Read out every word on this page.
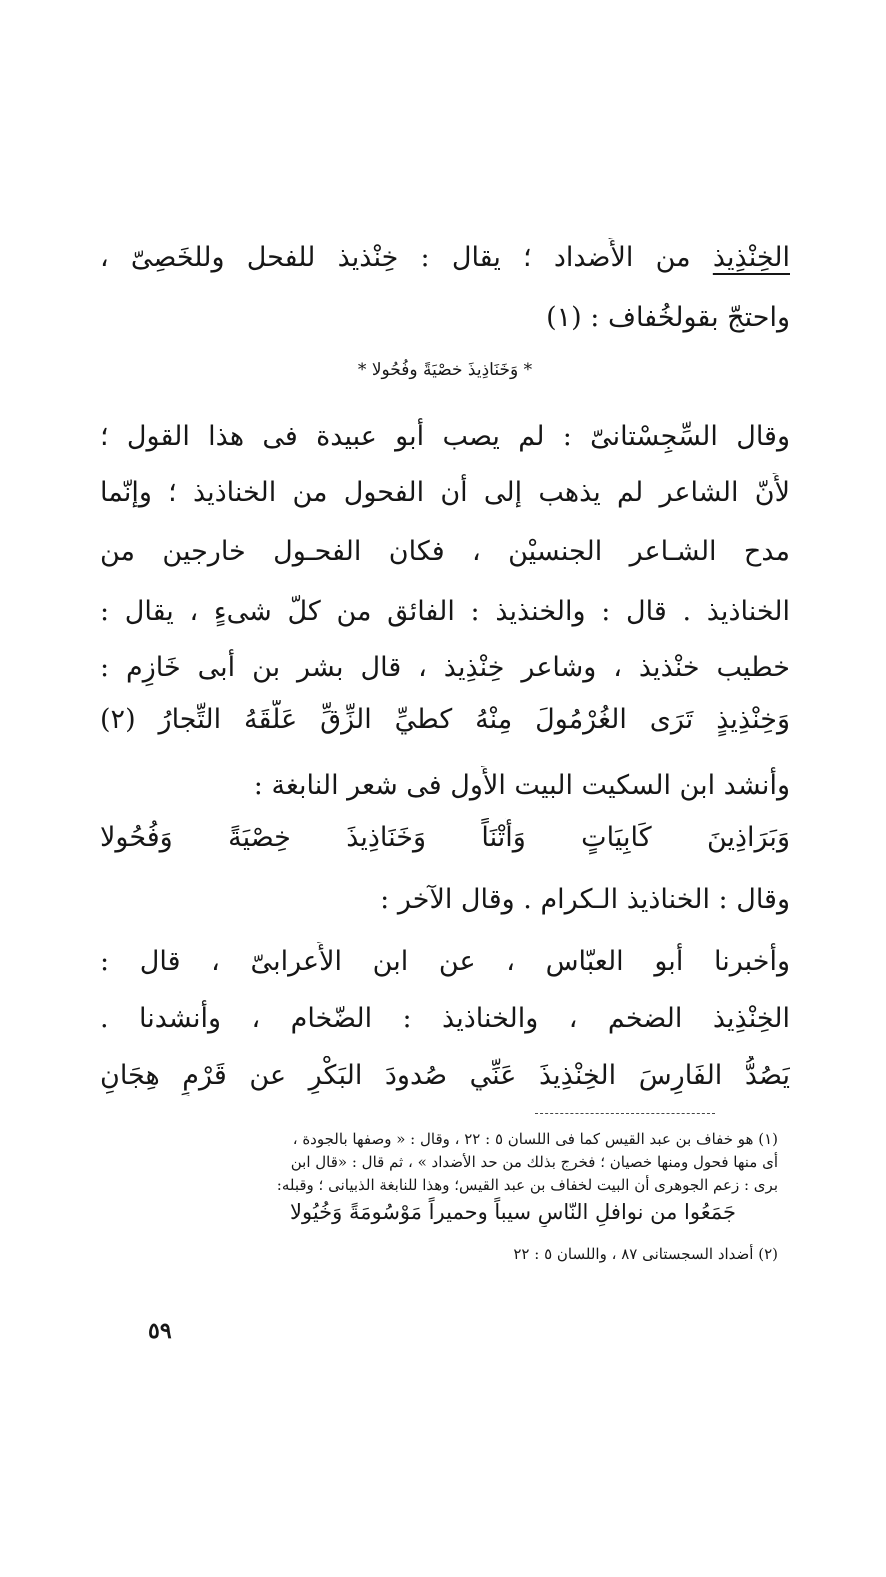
الخِنْذِيذ من الأَضداد ؛ يقال : خِنْذيذ للفحل وللخَصِىّ ،
واحتجّ بقولخُفاف : (١)
* وَخَنَاذِيذَ خصْيَةً وفُحُولا *
وقال السِّجِسْتانىّ : لم يصب أَبو عبيدة فى هذا القول ؛
لأَنّ الشاعر لم يذهب إلى أَن الفحول من الخناذيذ ؛ وإنّما
مدح الشـاعر الجنسيْن ، فكان الفحـول خارجين من
الخناذيذ . قال : والخنذيذ : الفائق من كلّ شىءٍ ، يقال :
خطيب خنْذيذ ، وشاعر خِنْذِيذ ، قال بشر بن أَبى خَازِم :
وَخِنْذِيذٍ تَرَى الغُرْمُولَ مِنْهُ كطيِّ الزِّقِّ عَلَّقَهُ التِّجارُ (٢)
وأَنشد ابن السكيت البيت الأَول فى شعر النابغة :
وَبَرَاذِينَ كَابِيَاتٍ وَأُتْنَاً وَخَنَاذِيذَ خِصْيَةً وَفُحُولا
وقال : الخناذيذ الـكرام . وقال الآخر :
وأَخبرنا أَبو العبّاس ، عن ابن الأَعرابىّ ، قال :
الخِنْذِيذ الضخم ، والخناذيذ : الضّخام ، وأَنشدنا .
يَصُدُّ الفَارِسَ الخِنْذِيذَ عَنِّي صُدودَ البَكْرِ عن قَرْمٍ هِجَانِ
(١) هو خفاف بن عبد القيس كما فى اللسان ٥ : ٢٢ ، وقال : « وصفها بالجودة ،
أى منها فحول ومنها خصيان ؛ فخرج بذلك من حد الأضداد » ، ثم قال : «قال ابن
برى : زعم الجوهرى أن البيت لخفاف بن عبد القيس؛ وهذا للنابغة الذبيانى ؛ وقبله:
جَمَعُوا من نوافلِ النّاسِ سيباً وحميراً مَوْسُومَةً وَخُيُولا
(٢) أضداد السجستانى ٨٧ ، واللسان ٥ : ٢٢
٥٩
